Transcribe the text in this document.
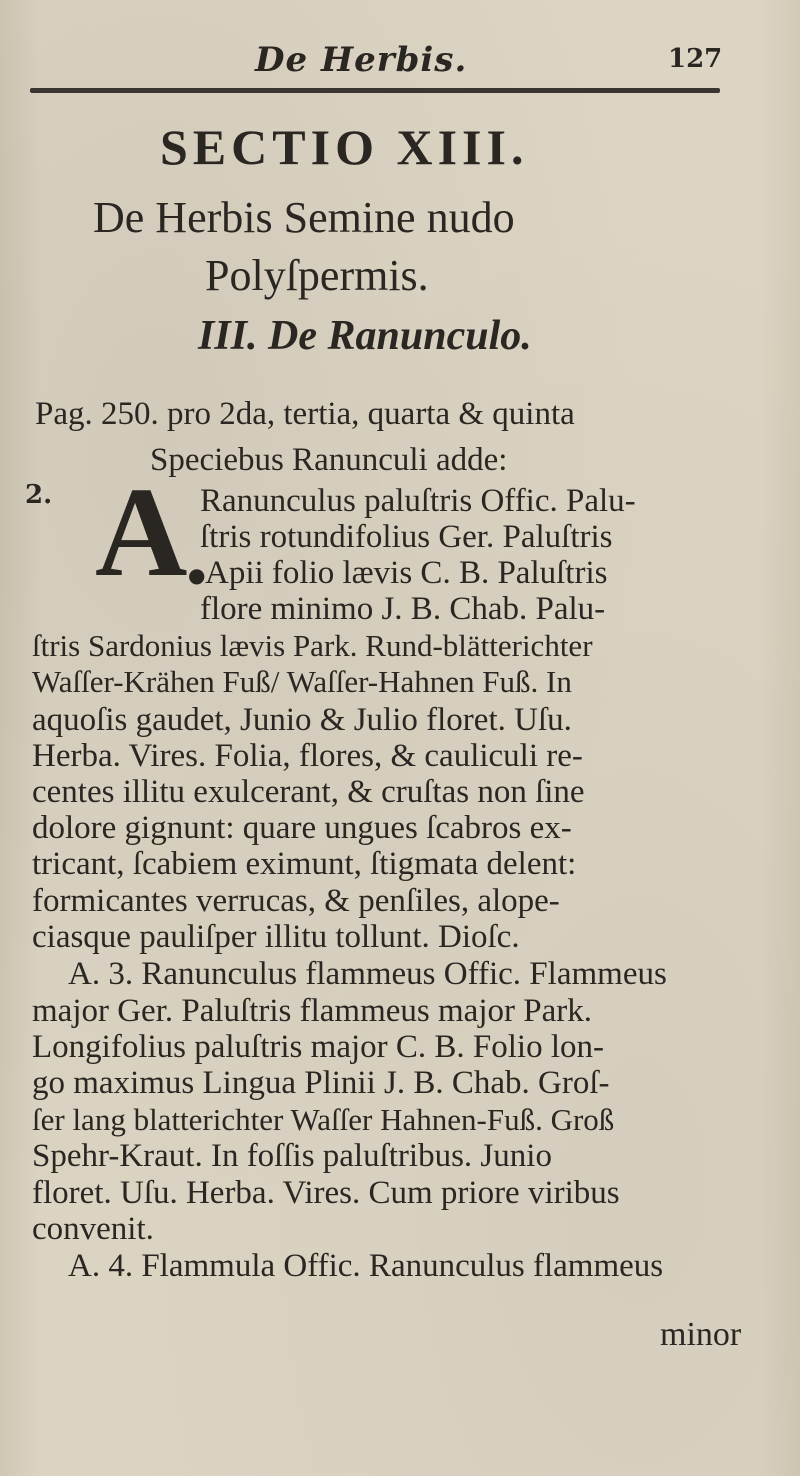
De Herbis.	127
SECTIO XIII.
De Herbis Semine nudo
Polyſpermis.
III. De Ranunculo.
Pag. 250. pro 2da, tertia, quarta & quinta
Speciebus Ranunculi adde:
2. A ●
Ranunculus paluſtris Offic. Palu-
ſtris rotundifolius Ger. Paluſtris
Apii folio lævis C. B. Paluſtris
flore minimo J. B. Chab. Palu-
ſtris Sardonius lævis Park. Rund-blätterichter
Waſſer-Krähen Fuß/ Waſſer-Hahnen Fuß. In
aquoſis gaudet, Junio & Julio floret. Uſu.
Herba. Vires. Folia, flores, & cauliculi re-
centes illitu exulcerant, & cruſtas non ſine
dolore gignunt: quare ungues ſcabros ex-
tricant, ſcabiem eximunt, ſtigmata delent:
formicantes verrucas, & penſiles, alope-
ciasque pauliſper illitu tollunt. Dioſc.
A. 3. Ranunculus flammeus Offic. Flammeus
major Ger. Paluſtris flammeus major Park.
Longifolius paluſtris major C. B. Folio lon-
go maximus Lingua Plinii J. B. Chab. Groſ-
ſer lang blatterichter Waſſer Hahnen-Fuß. Groß
Spehr-Kraut. In foſſis paluſtribus. Junio
floret. Uſu. Herba. Vires. Cum priore viribus
convenit.
A. 4. Flammula Offic. Ranunculus flammeus
minor
